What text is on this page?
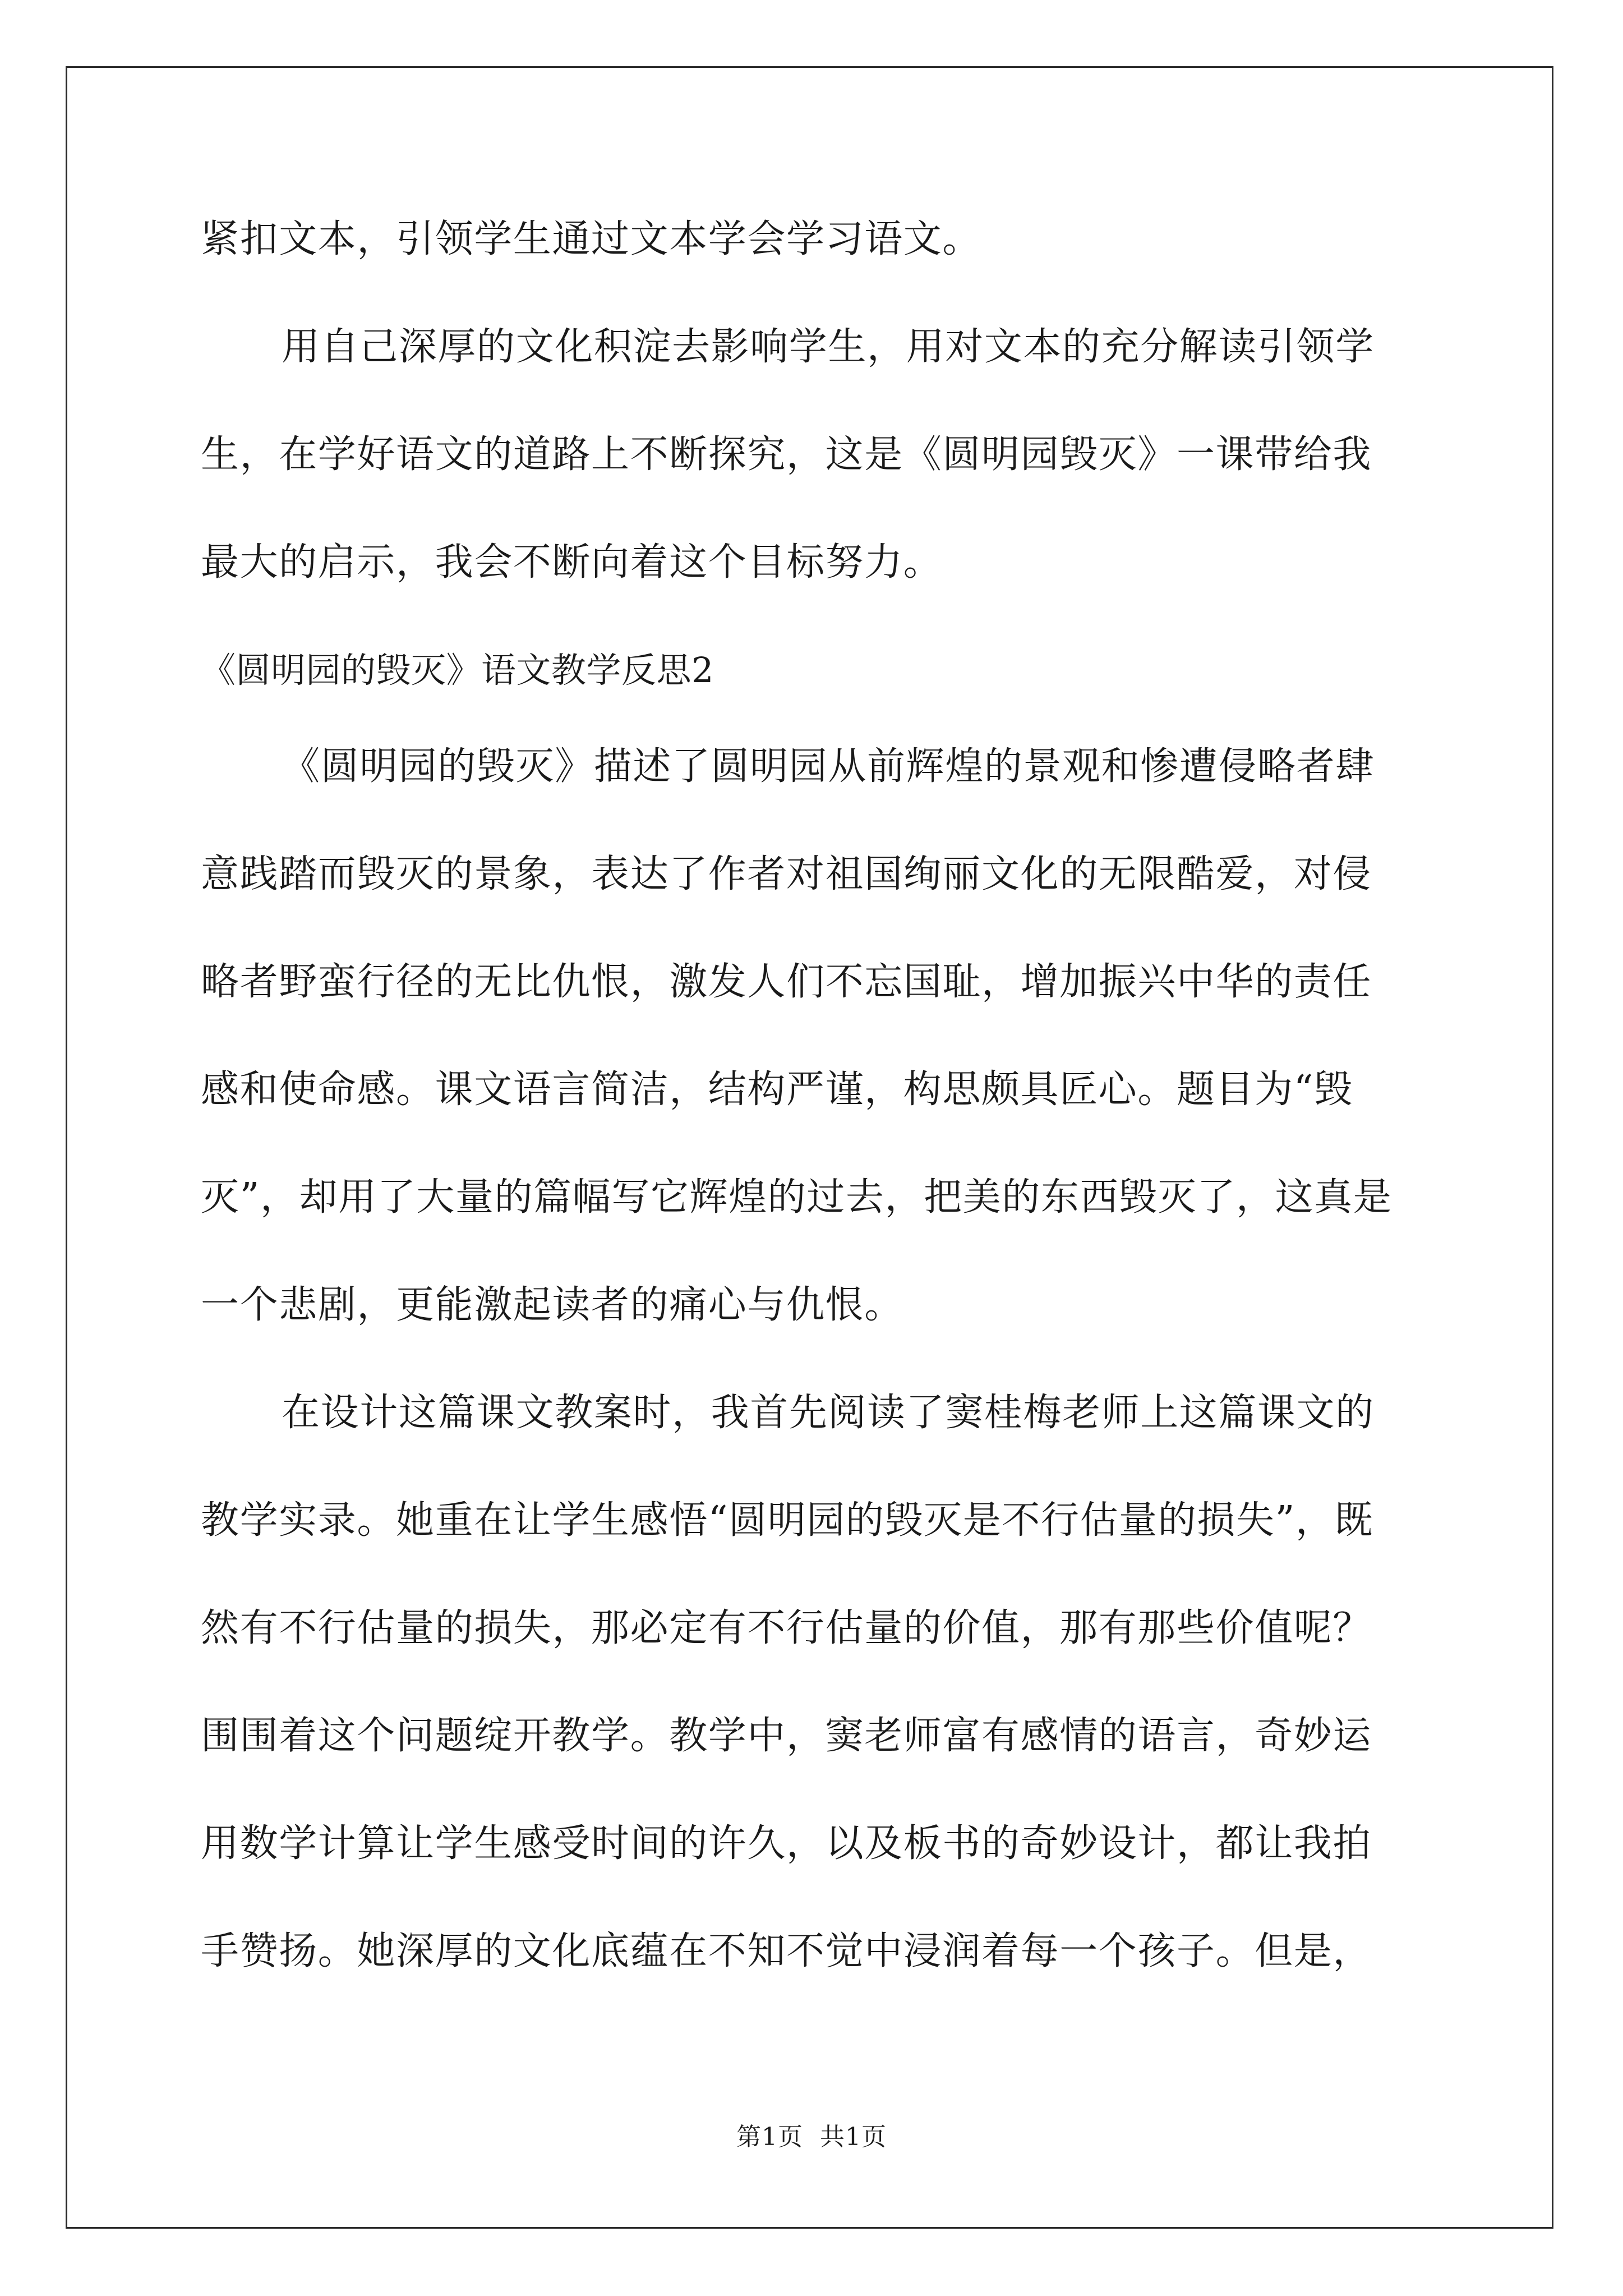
紧扣文本，引领学生通过文本学会学习语文。
用自己深厚的文化积淀去影响学生，用对文本的充分解读引领学
生，在学好语文的道路上不断探究，这是《圆明园毁灭》一课带给我
最大的启示，我会不断向着这个目标努力。
《圆明园的毁灭》语文教学反思2
《圆明园的毁灭》描述了圆明园从前辉煌的景观和惨遭侵略者肆
意践踏而毁灭的景象，表达了作者对祖国绚丽文化的无限酷爱，对侵
略者野蛮行径的无比仇恨，激发人们不忘国耻，增加振兴中华的责任
感和使命感。课文语言简洁，结构严谨，构思颇具匠心。题目为“毁
灭”，却用了大量的篇幅写它辉煌的过去，把美的东西毁灭了，这真是
一个悲剧，更能激起读者的痛心与仇恨。
在设计这篇课文教案时，我首先阅读了窦桂梅老师上这篇课文的
教学实录。她重在让学生感悟“圆明园的毁灭是不行估量的损失”，既
然有不行估量的损失，那必定有不行估量的价值，那有那些价值呢？
围围着这个问题绽开教学。教学中，窦老师富有感情的语言，奇妙运
用数学计算让学生感受时间的许久，以及板书的奇妙设计，都让我拍
手赞扬。她深厚的文化底蕴在不知不觉中浸润着每一个孩子。但是，
第1页  共1页
